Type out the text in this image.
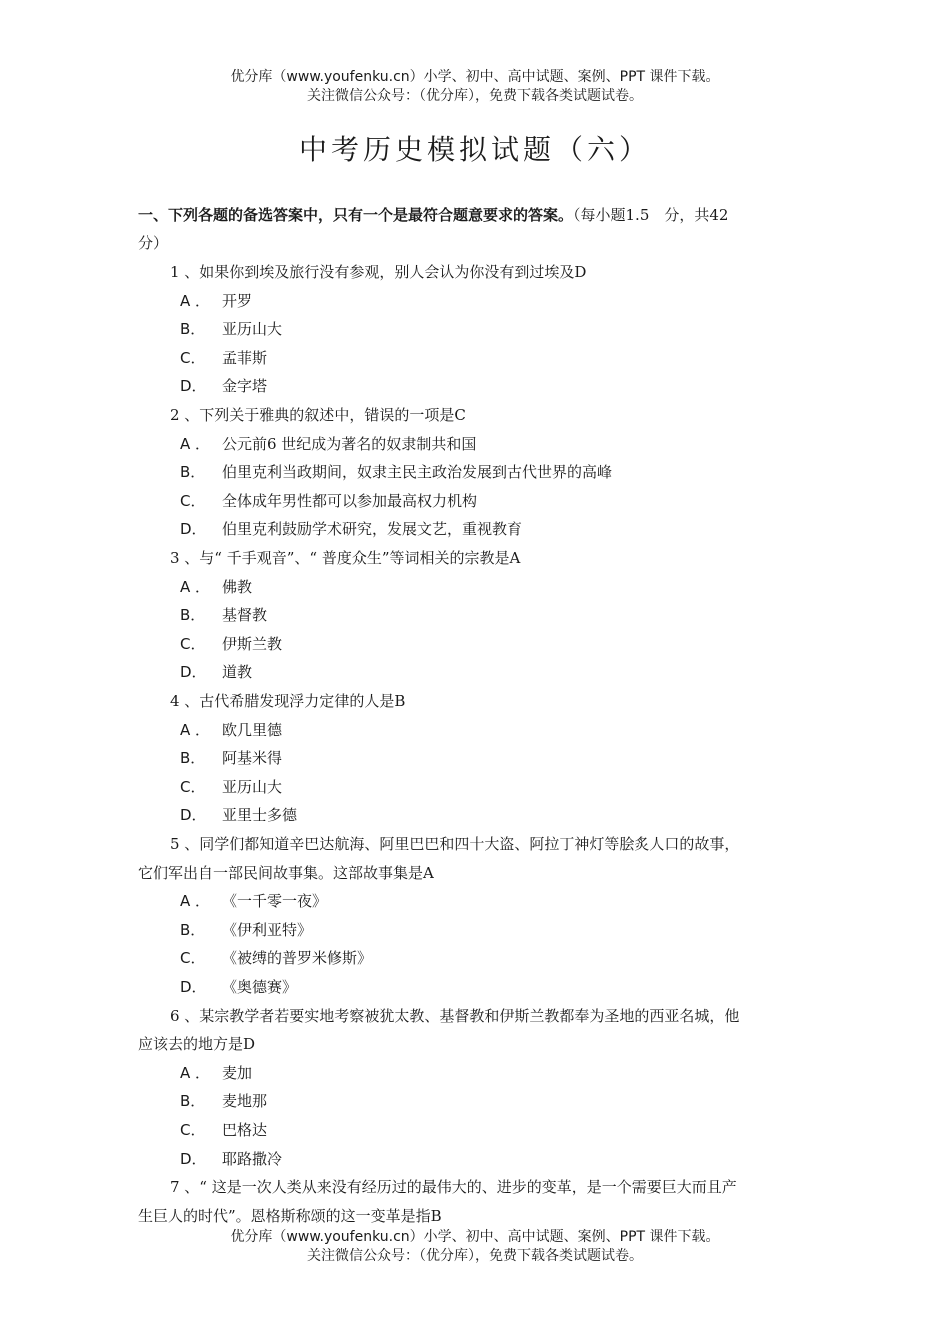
优分库（www.youfenku.cn）小学、初中、高中试题、案例、PPT 课件下载。
关注微信公众号：（优分库），免费下载各类试题试卷。
中考历史模拟试题（六）
一、下列各题的备选答案中，只有一个是最符合题意要求的答案。（每小题1.5　分，共42
分）
1 、如果你到埃及旅行没有参观，别人会认为你没有到过埃及D
A ． 开罗
B． 亚历山大
C． 孟菲斯
D． 金字塔
2 、下列关于雅典的叙述中，错误的一项是C
A ． 公元前6 世纪成为著名的奴隶制共和国
B． 伯里克利当政期间，奴隶主民主政治发展到古代世界的高峰
C． 全体成年男性都可以参加最高权力机构
D． 伯里克利鼓励学术研究，发展文艺，重视教育
3 、与“ 千手观音”、“ 普度众生”等词相关的宗教是A
A ． 佛教
B． 基督教
C． 伊斯兰教
D． 道教
4 、古代希腊发现浮力定律的人是B
A ． 欧几里德
B． 阿基米得
C． 亚历山大
D． 亚里士多德
5 、同学们都知道辛巴达航海、阿里巴巴和四十大盗、阿拉丁神灯等脍炙人口的故事，
它们军出自一部民间故事集。这部故事集是A
A ． 《一千零一夜》
B． 《伊利亚特》
C． 《被缚的普罗米修斯》
D． 《奥德赛》
6 、某宗教学者若要实地考察被犹太教、基督教和伊斯兰教都奉为圣地的西亚名城，他
应该去的地方是D
A ． 麦加
B． 麦地那
C． 巴格达
D． 耶路撒冷
7 、“ 这是一次人类从来没有经历过的最伟大的、进步的变革，是一个需要巨大而且产
生巨人的时代”。恩格斯称颂的这一变革是指B
优分库（www.youfenku.cn）小学、初中、高中试题、案例、PPT 课件下载。
关注微信公众号：（优分库），免费下载各类试题试卷。
